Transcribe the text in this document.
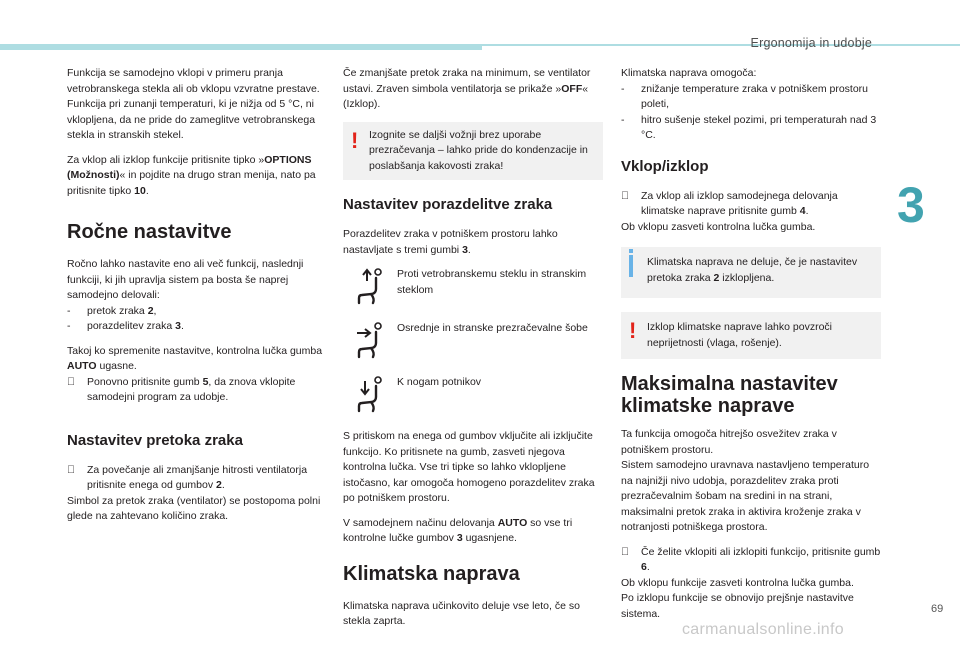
Ergonomija in udobje
3
69
carmanualsonline.info

Funkcija se samodejno vklopi v primeru pranja vetrobranskega stekla ali ob vklopu vzvratne prestave.
Funkcija pri zunanji temperaturi, ki je nižja od 5 °C, ni vklopljena, da ne pride do zameglitve vetrobranskega stekla in stranskih stekel.

Za vklop ali izklop funkcije pritisnite tipko »OPTIONS (Možnosti)« in pojdite na drugo stran menija, nato pa pritisnite tipko 10.

Ročne nastavitve

Ročno lahko nastavite eno ali več funkcij, naslednji funkciji, ki jih upravlja sistem pa bosta še naprej samodejno delovali:

- pretok zraka 2,
- porazdelitev zraka 3.

Takoj ko spremenite nastavitve, kontrolna lučka gumba AUTO ugasne.

Ponovno pritisnite gumb 5, da znova vklopite samodejni program za udobje.
Nastavitev pretoka zraka
Za povečanje ali zmanjšanje hitrosti ventilatorja pritisnite enega od gumbov 2.

Simbol za pretok zraka (ventilator) se postopoma polni glede na zahtevano količino zraka.

Če zmanjšate pretok zraka na minimum, se ventilator ustavi. Zraven simbola ventilatorja se prikaže »OFF« (Izklop).

! Izognite se daljši vožnji brez uporabe prezračevanja – lahko pride do kondenzacije in poslabšanja kakovosti zraka!
Nastavitev porazdelitve zraka

Porazdelitev zraka v potniškem prostoru lahko nastavljate s tremi gumbi 3.

Proti vetrobranskemu steklu in stranskim steklom
Osrednje in stranske prezračevalne šobe
K nogam potnikov

S pritiskom na enega od gumbov vključite ali izključite funkcijo. Ko pritisnete na gumb, zasveti njegova kontrolna lučka. Vse tri tipke so lahko vklopljene istočasno, kar omogoča homogeno porazdelitev zraka po potniškem prostoru.

V samodejnem načinu delovanja AUTO so vse tri kontrolne lučke gumbov 3 ugasnjene.

Klimatska naprava

Klimatska naprava učinkovito deluje vse leto, če so stekla zaprta.

Klimatska naprava omogoča:

- znižanje temperature zraka v potniškem prostoru poleti,
- hitro sušenje stekel pozimi, pri temperaturah nad 3 °C.
Vklop/izklop
Za vklop ali izklop samodejnega delovanja klimatske naprave pritisnite gumb 4.

Ob vklopu zasveti kontrolna lučka gumba.

Klimatska naprava ne deluje, če je nastavitev pretoka zraka 2 izklopljena.
! Izklop klimatske naprave lahko povzroči neprijetnosti (vlaga, rošenje).
Maksimalna nastavitev klimatske naprave

Ta funkcija omogoča hitrejšo osvežitev zraka v potniškem prostoru.
Sistem samodejno uravnava nastavljeno temperaturo na najnižji nivo udobja, porazdelitev zraka proti prezračevalnim šobam na sredini in na strani, maksimalni pretok zraka in aktivira kroženje zraka v notranjosti potniškega prostora.

Če želite vklopiti ali izklopiti funkcijo, pritisnite gumb 6.

Ob vklopu funkcije zasveti kontrolna lučka gumba.
Po izklopu funkcije se obnovijo prejšnje nastavitve sistema.
